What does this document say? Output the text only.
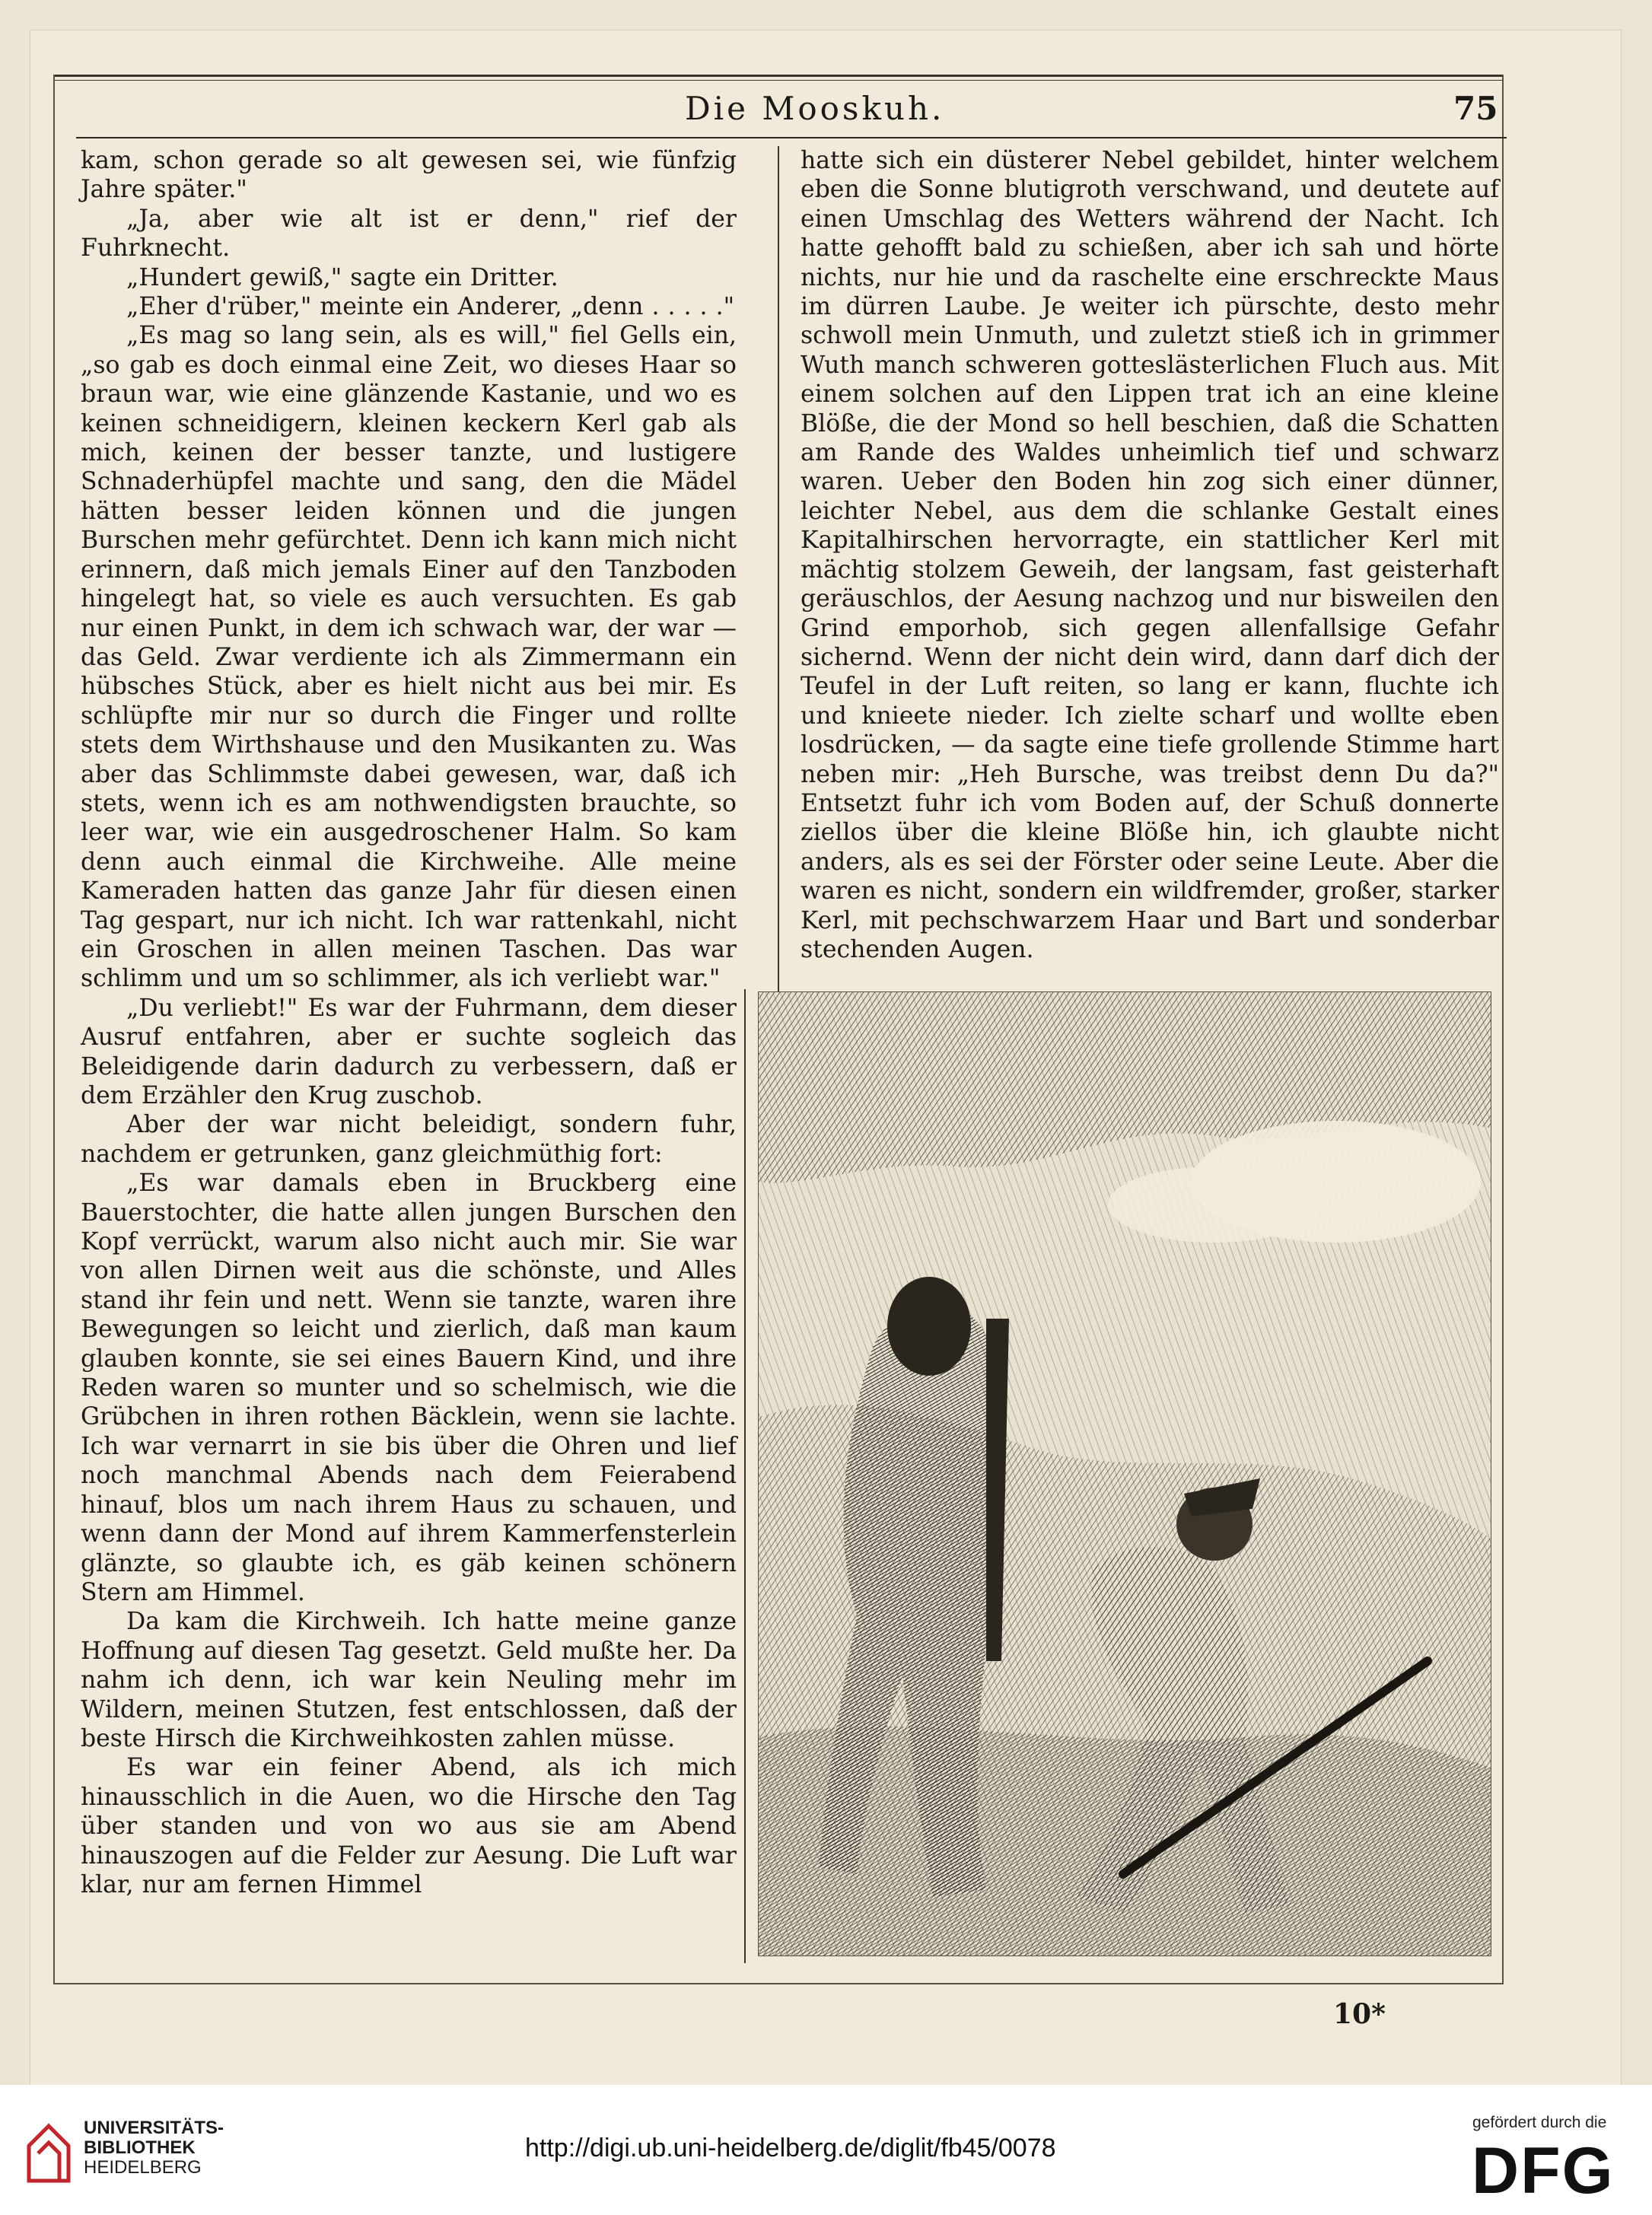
Die Mooskuh.	75

kam, schon gerade so alt gewesen sei, wie fünfzig Jahre später."

„Ja, aber wie alt ist er denn," rief der Fuhrknecht.

„Hundert gewiß," sagte ein Dritter.

„Eher d'rüber," meinte ein Anderer, „denn . . . . ."

„Es mag so lang sein, als es will," fiel Gells ein, „so gab es doch einmal eine Zeit, wo dieses Haar so braun war, wie eine glänzende Kastanie, und wo es keinen schneidigern, kleinen keckern Kerl gab als mich, keinen der besser tanzte, und lustigere Schnaderhüpfel machte und sang, den die Mädel hätten besser leiden können und die jungen Burschen mehr gefürchtet. Denn ich kann mich nicht erinnern, daß mich jemals Einer auf den Tanzboden hingelegt hat, so viele es auch versuchten. Es gab nur einen Punkt, in dem ich schwach war, der war — das Geld. Zwar verdiente ich als Zimmermann ein hübsches Stück, aber es hielt nicht aus bei mir. Es schlüpfte mir nur so durch die Finger und rollte stets dem Wirthshause und den Musikanten zu. Was aber das Schlimmste dabei gewesen, war, daß ich stets, wenn ich es am nothwendigsten brauchte, so leer war, wie ein ausgedroschener Halm. So kam denn auch einmal die Kirchweihe. Alle meine Kameraden hatten das ganze Jahr für diesen einen Tag gespart, nur ich nicht. Ich war rattenkahl, nicht ein Groschen in allen meinen Taschen. Das war schlimm und um so schlimmer, als ich verliebt war."

„Du verliebt!" Es war der Fuhrmann, dem dieser Ausruf entfahren, aber er suchte sogleich das Beleidigende darin dadurch zu verbessern, daß er dem Erzähler den Krug zuschob.

Aber der war nicht beleidigt, sondern fuhr, nachdem er getrunken, ganz gleichmüthig fort:

„Es war damals eben in Bruckberg eine Bauerstochter, die hatte allen jungen Burschen den Kopf verrückt, warum also nicht auch mir. Sie war von allen Dirnen weit aus die schönste, und Alles stand ihr fein und nett. Wenn sie tanzte, waren ihre Bewegungen so leicht und zierlich, daß man kaum glauben konnte, sie sei eines Bauern Kind, und ihre Reden waren so munter und so schelmisch, wie die Grübchen in ihren rothen Bäcklein, wenn sie lachte. Ich war vernarrt in sie bis über die Ohren und lief noch manchmal Abends nach dem Feierabend hinauf, blos um nach ihrem Haus zu schauen, und wenn dann der Mond auf ihrem Kammerfensterlein glänzte, so glaubte ich, es gäb keinen schönern Stern am Himmel.

Da kam die Kirchweih. Ich hatte meine ganze Hoffnung auf diesen Tag gesetzt. Geld mußte her. Da nahm ich denn, ich war kein Neuling mehr im Wildern, meinen Stutzen, fest entschlossen, daß der beste Hirsch die Kirchweihkosten zahlen müsse.

Es war ein feiner Abend, als ich mich hinausschlich in die Auen, wo die Hirsche den Tag über standen und von wo aus sie am Abend hinauszogen auf die Felder zur Aesung. Die Luft war klar, nur am fernen Himmel

hatte sich ein düsterer Nebel gebildet, hinter welchem eben die Sonne blutigroth verschwand, und deutete auf einen Umschlag des Wetters während der Nacht. Ich hatte gehofft bald zu schießen, aber ich sah und hörte nichts, nur hie und da raschelte eine erschreckte Maus im dürren Laube. Je weiter ich pürschte, desto mehr schwoll mein Unmuth, und zuletzt stieß ich in grimmer Wuth manch schweren gotteslästerlichen Fluch aus. Mit einem solchen auf den Lippen trat ich an eine kleine Blöße, die der Mond so hell beschien, daß die Schatten am Rande des Waldes unheimlich tief und schwarz waren. Ueber den Boden hin zog sich einer dünner, leichter Nebel, aus dem die schlanke Gestalt eines Kapitalhirschen hervorragte, ein stattlicher Kerl mit mächtig stolzem Geweih, der langsam, fast geisterhaft geräuschlos, der Aesung nachzog und nur bisweilen den Grind emporhob, sich gegen allenfallsige Gefahr sichernd. Wenn der nicht dein wird, dann darf dich der Teufel in der Luft reiten, so lang er kann, fluchte ich und knieete nieder. Ich zielte scharf und wollte eben losdrücken, — da sagte eine tiefe grollende Stimme hart neben mir: „Heh Bursche, was treibst denn Du da?" Entsetzt fuhr ich vom Boden auf, der Schuß donnerte ziellos über die kleine Blöße hin, ich glaubte nicht anders, als es sei der Förster oder seine Leute. Aber die waren es nicht, sondern ein wildfremder, großer, starker Kerl, mit pechschwarzem Haar und Bart und sonderbar stechenden Augen.

10*
UNIVERSITÄTS-
BIBLIOTHEK
HEIDELBERG
http://digi.ub.uni-heidelberg.de/diglit/fb45/0078
gefördert durch die
DFG
